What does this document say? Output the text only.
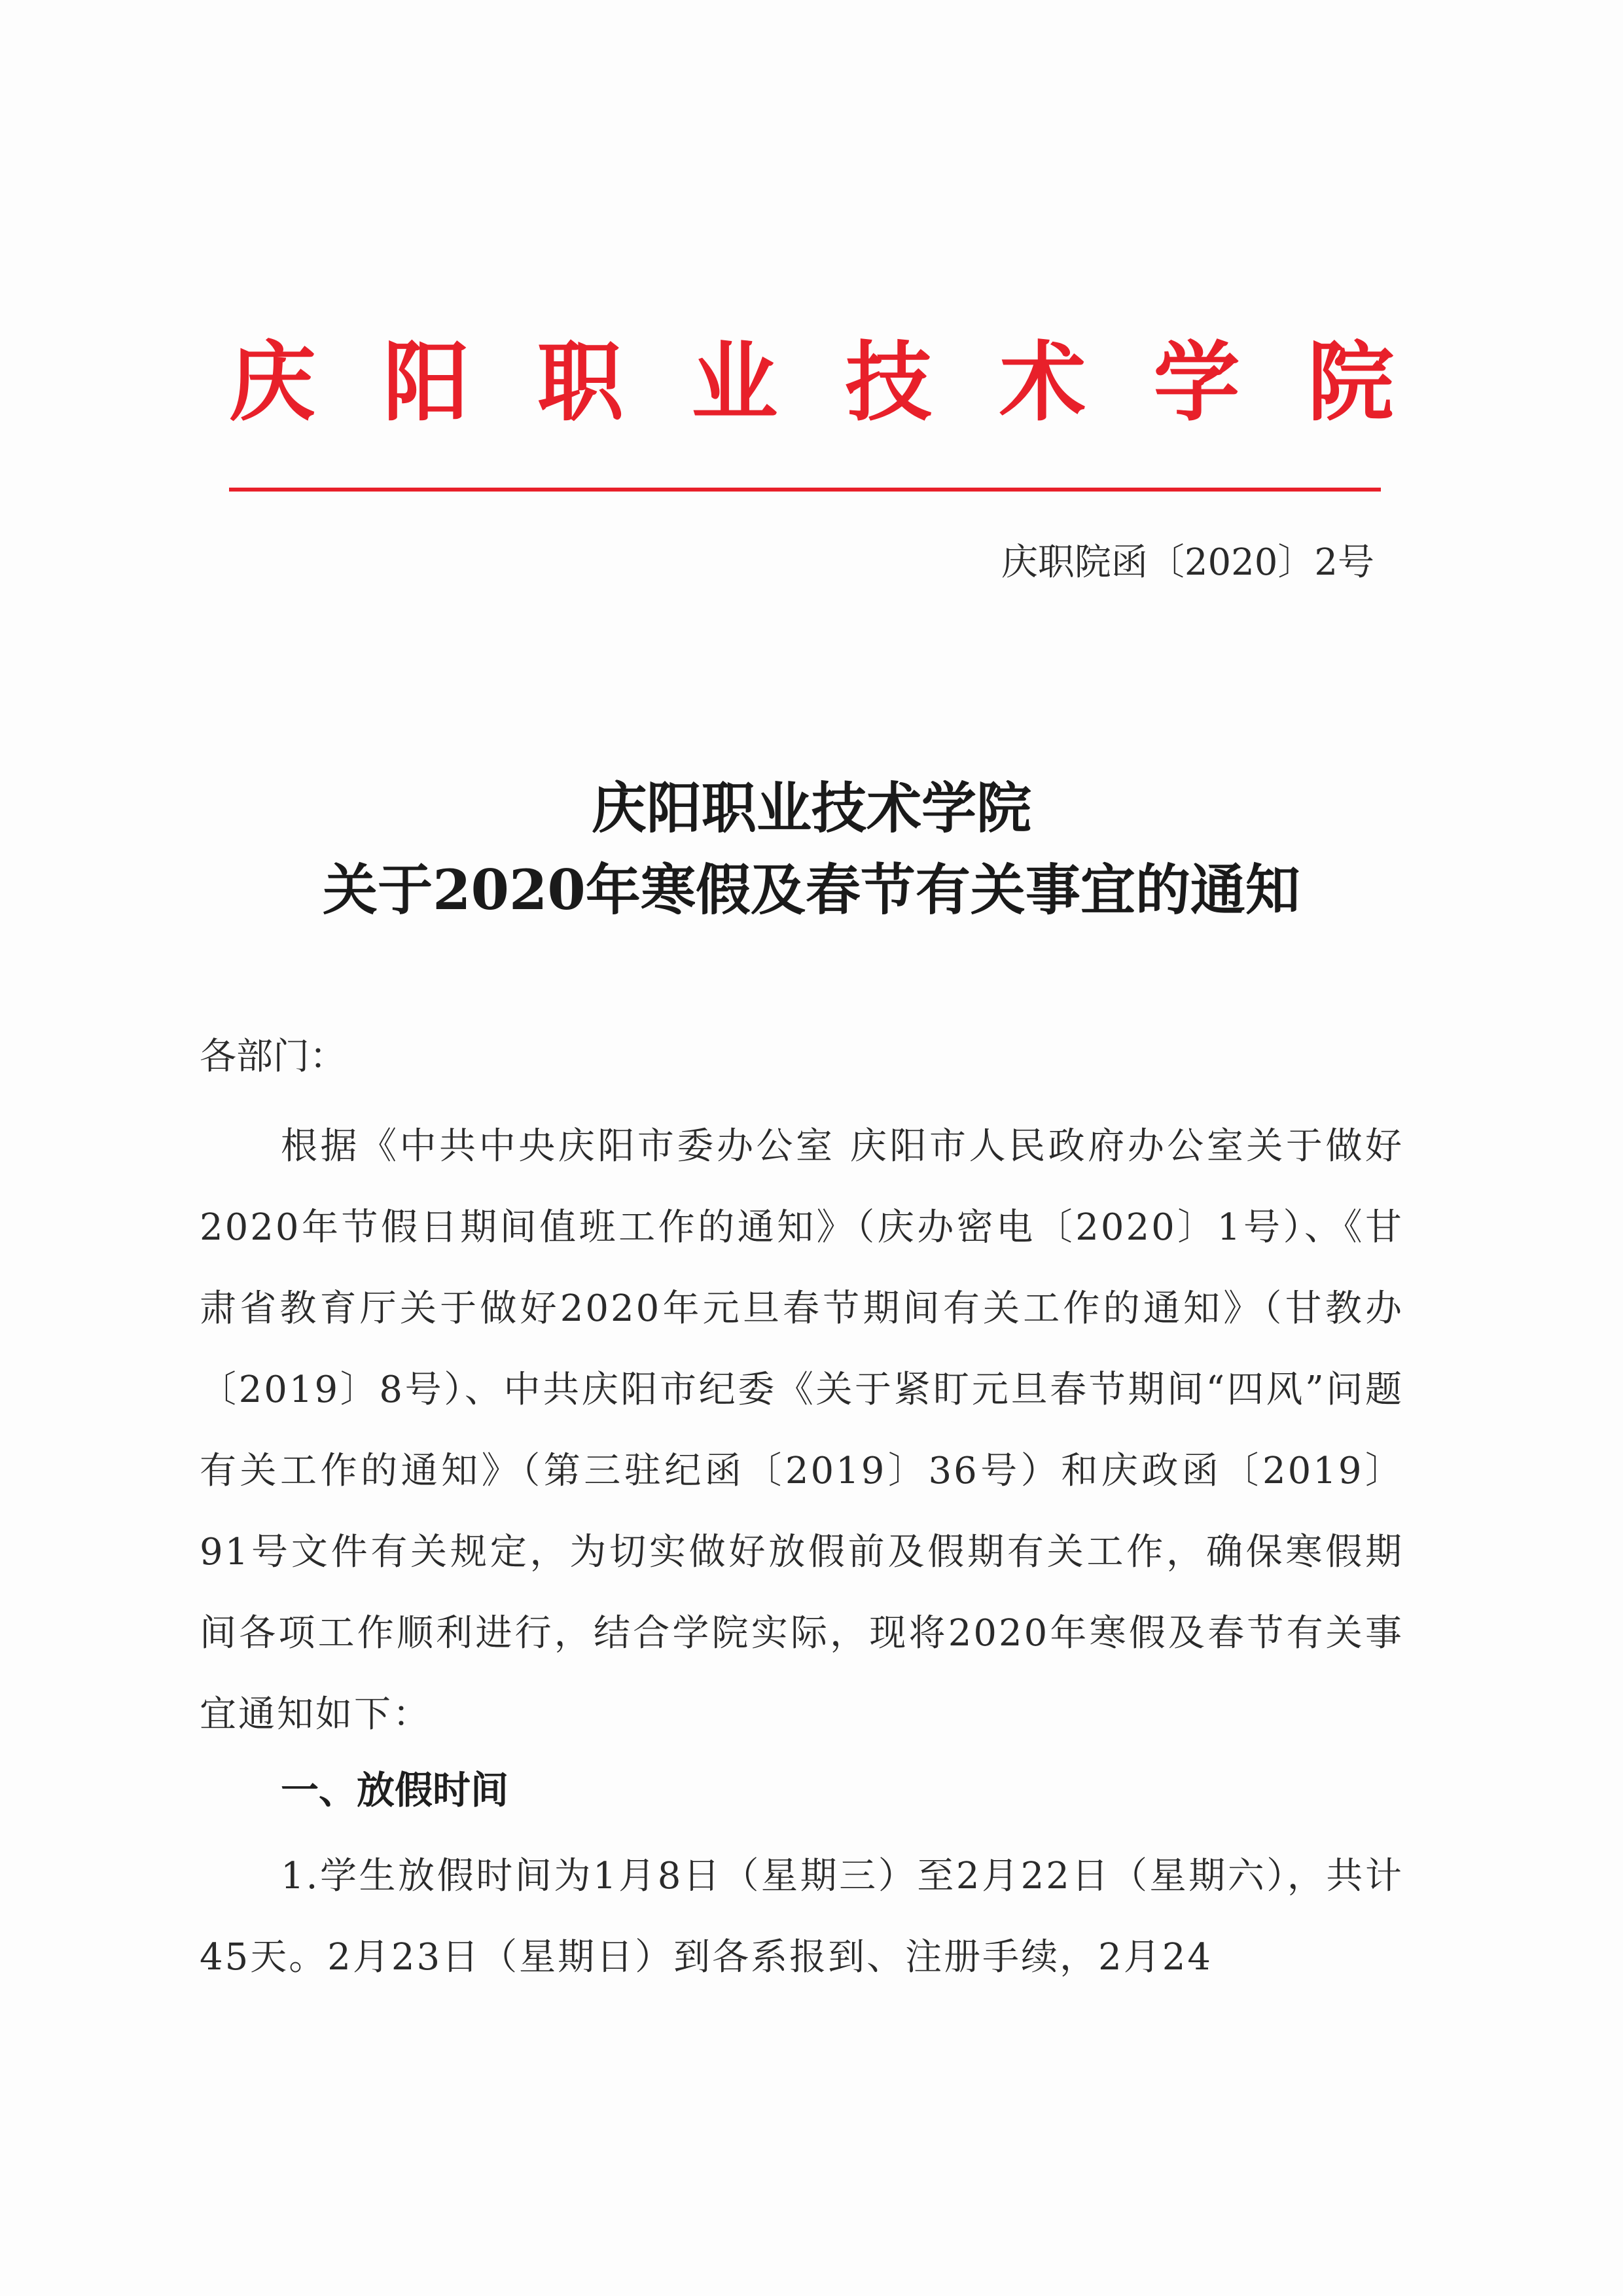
庆 阳 职 业 技 术 学 院
庆职院函〔2020〕2号
庆阳职业技术学院
关于2020年寒假及春节有关事宜的通知
各部门：

根据《中共中央庆阳市委办公室 庆阳市人民政府办公室关于做好2020年节假日期间值班工作的通知》（庆办密电〔2020〕1号）、《甘肃省教育厅关于做好2020年元旦春节期间有关工作的通知》（甘教办〔2019〕8号）、中共庆阳市纪委《关于紧盯元旦春节期间“四风”问题有关工作的通知》（第三驻纪函〔2019〕36号）和庆政函〔2019〕91号文件有关规定，为切实做好放假前及假期有关工作，确保寒假期间各项工作顺利进行，结合学院实际，现将2020年寒假及春节有关事宜通知如下：

一、放假时间

1.学生放假时间为1月8日（星期三）至2月22日（星期六），共计45天。2月23日（星期日）到各系报到、注册手续，2月24
